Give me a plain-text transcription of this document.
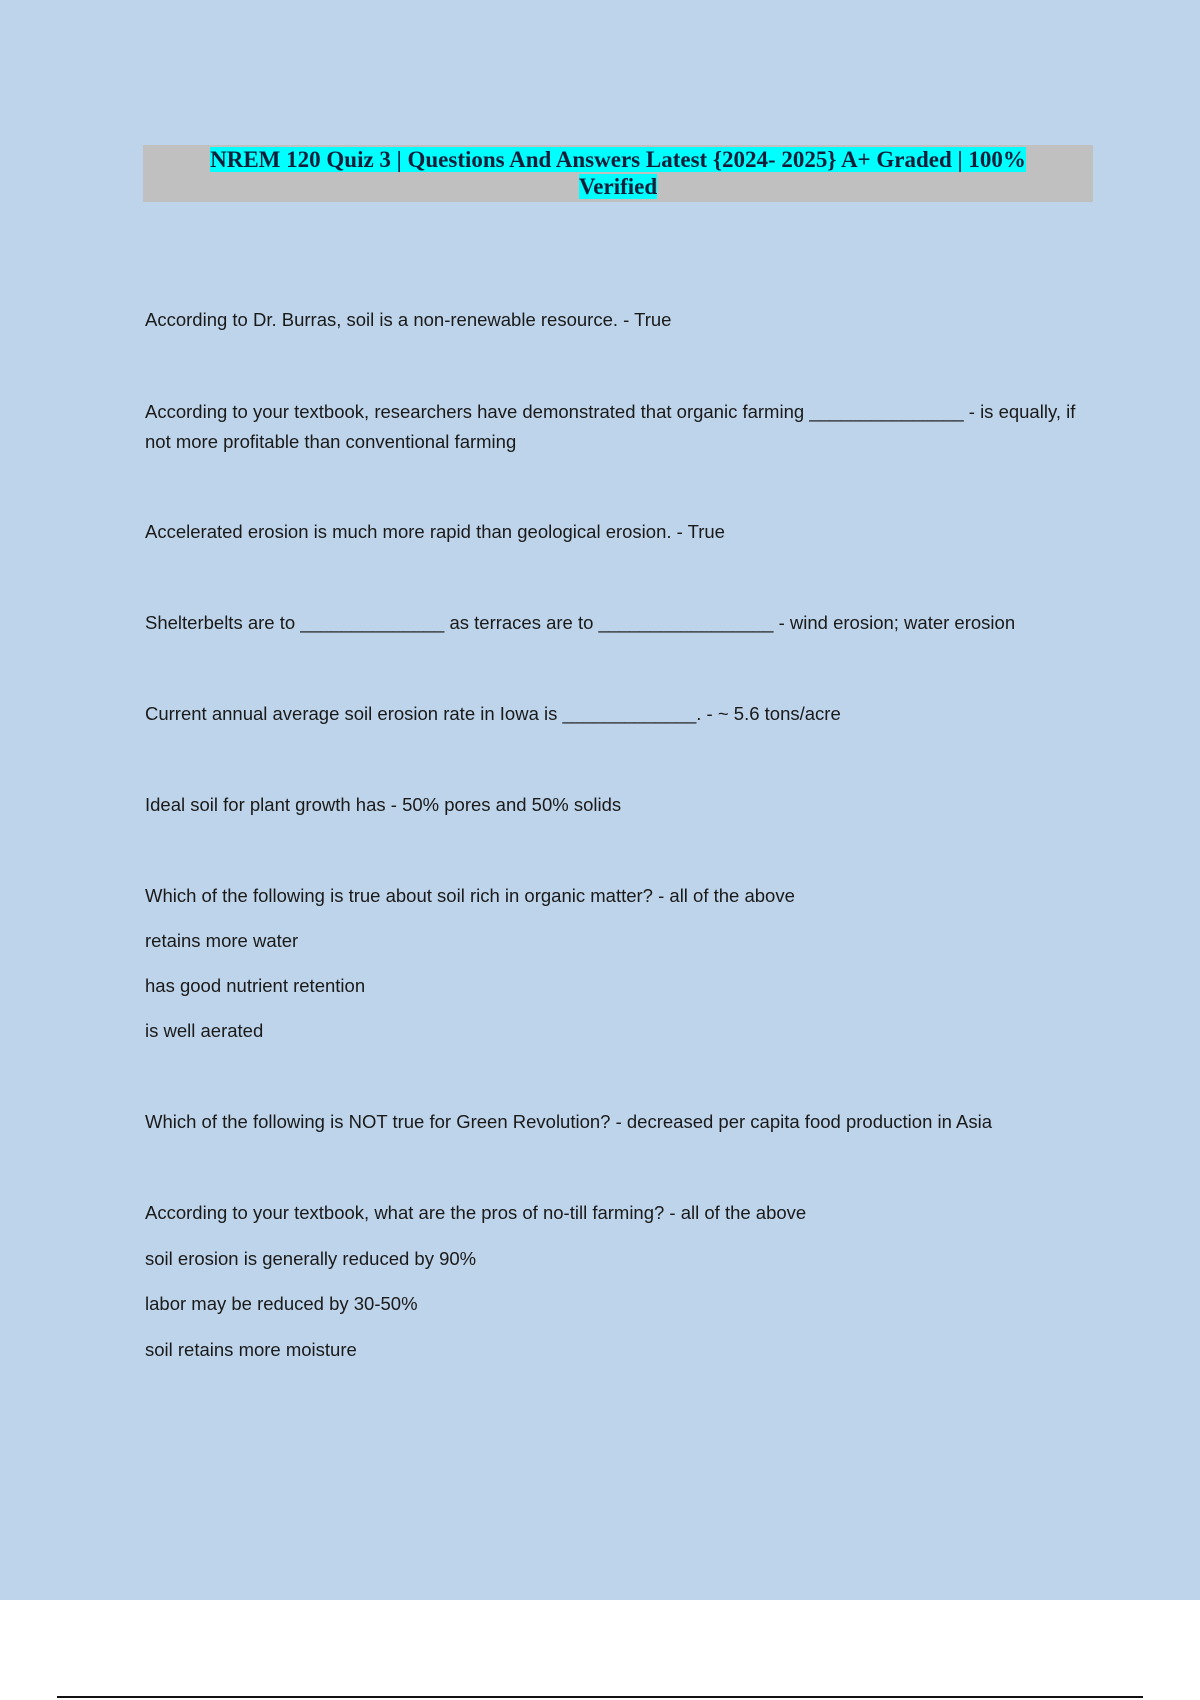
NREM 120 Quiz 3 | Questions And Answers Latest {2024- 2025} A+ Graded | 100%
Verified

According to Dr. Burras, soil is a non-renewable resource. - True

According to your textbook, researchers have demonstrated that organic farming _______________ - is equally, if not more profitable than conventional farming

Accelerated erosion is much more rapid than geological erosion. - True

Shelterbelts are to ______________ as terraces are to _________________ - wind erosion; water erosion

Current annual average soil erosion rate in Iowa is _____________. - ~ 5.6 tons/acre

Ideal soil for plant growth has - 50% pores and 50% solids

Which of the following is true about soil rich in organic matter? - all of the above

retains more water

has good nutrient retention

is well aerated

Which of the following is NOT true for Green Revolution? - decreased per capita food production in Asia

According to your textbook, what are the pros of no-till farming? - all of the above

soil erosion is generally reduced by 90%

labor may be reduced by 30-50%

soil retains more moisture
